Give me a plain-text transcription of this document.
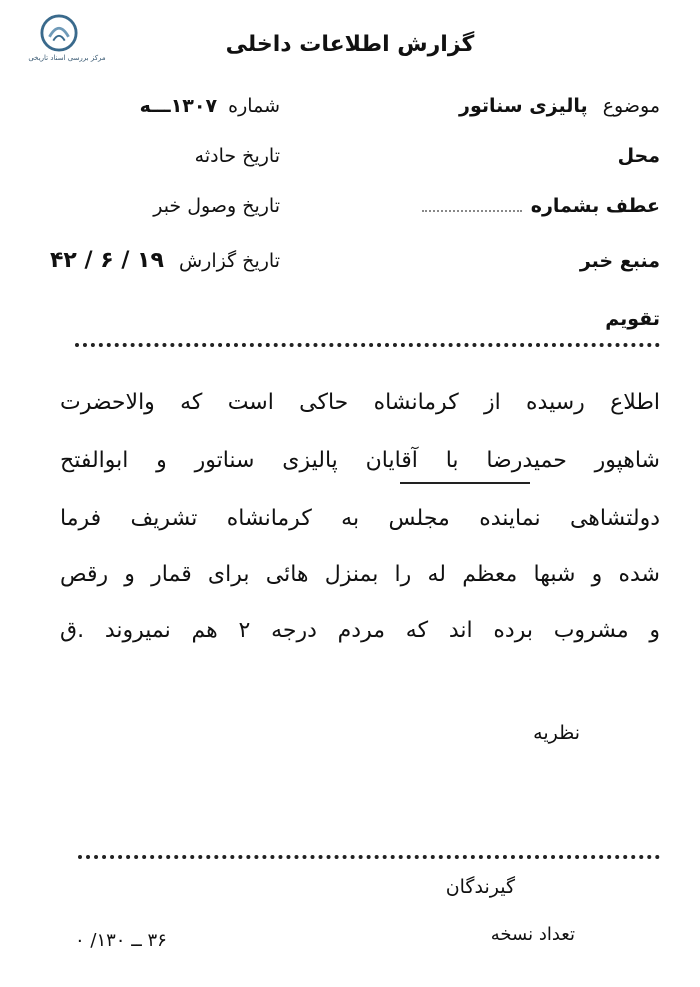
مرکز بررسی اسناد تاریخی
گزارش اطلاعات داخلی
موضوع پالیزی سناتور
محل
عطف بشماره
منبع خبر
تقویم
شماره ۱۳۰۷ـــه
تاریخ حادثه
تاریخ وصول خبر
تاریخ گزارش ۱۹ / ۶ / ۴۲
اطلاع رسیده از کرمانشاه حاکی است که والاحضرت
شاهپور حمیدرضا با آقایان پالیزی سناتور و ابوالفتح
دولتشاهی نماینده مجلس به کرمانشاه تشریف فرما
شده و شبها معظم له را بمنزل هائی برای قمار و رقص
و مشروب برده اند که مردم درجه ۲ هم نمیروند .ق
نظریه
گیرندگان
تعداد نسخه
۳۶ ــ ۱۳۰/ ۰
